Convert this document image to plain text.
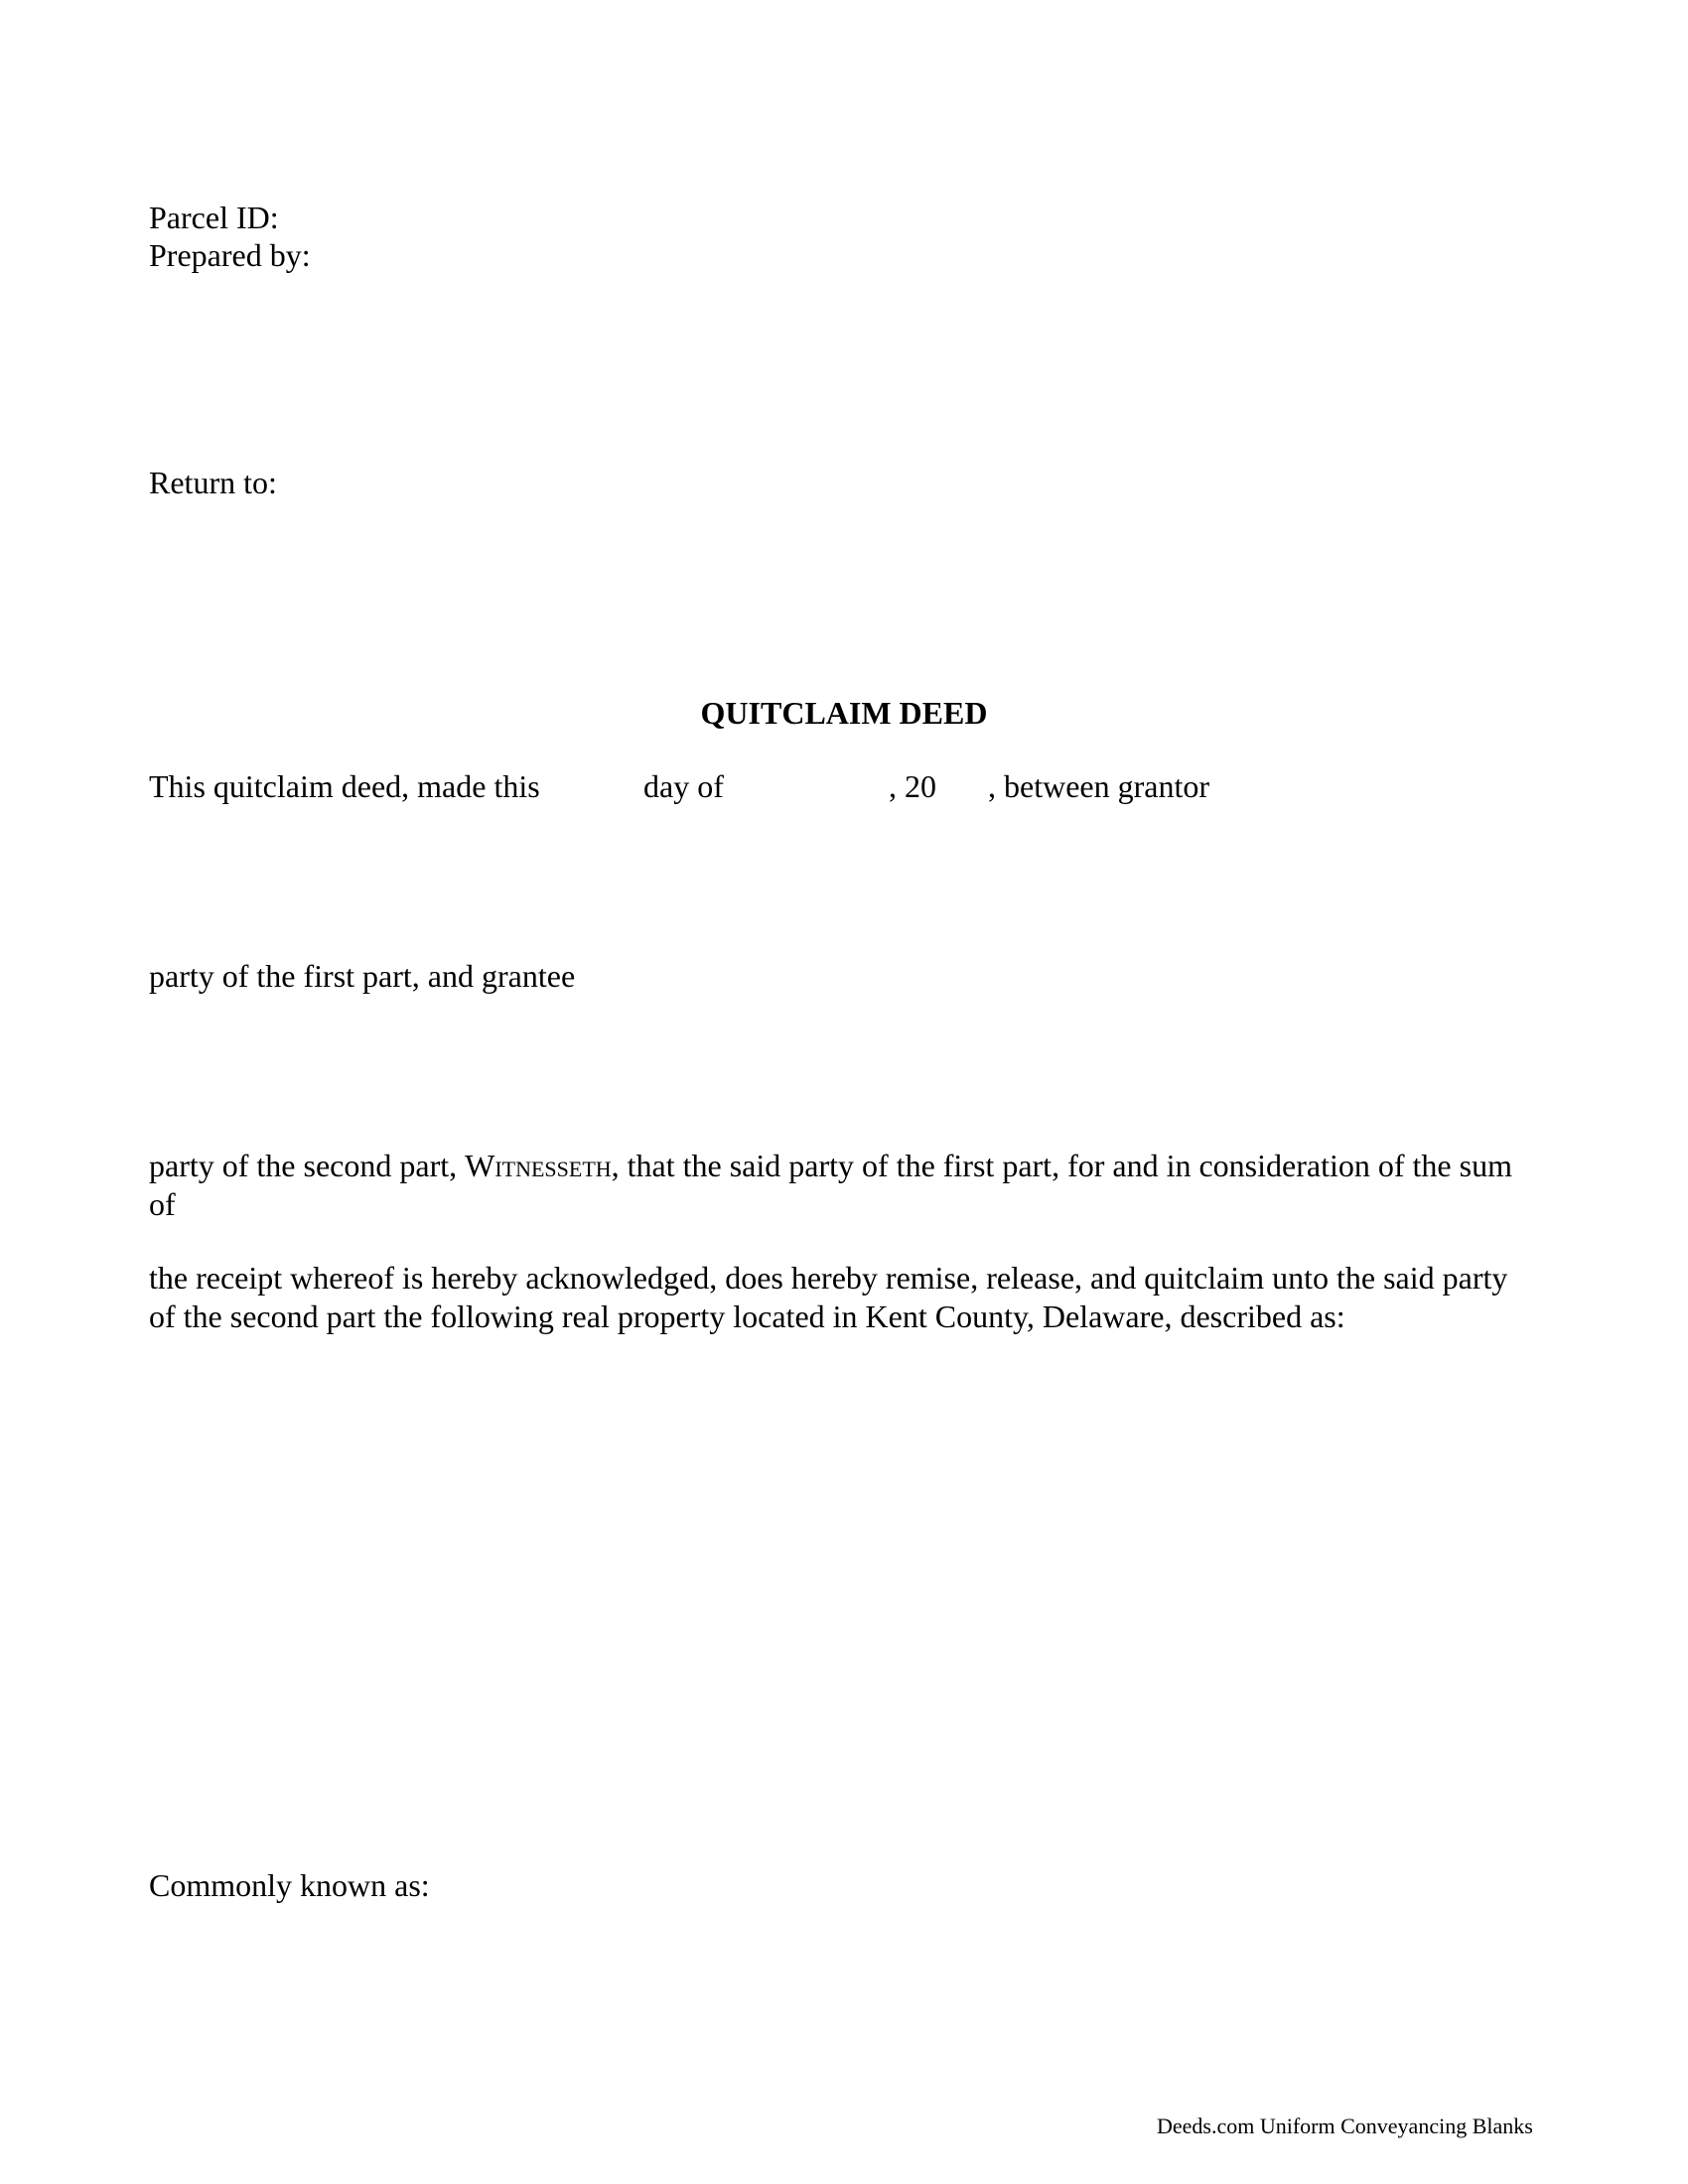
Parcel ID:
Prepared by:
Return to:
QUITCLAIM DEED
This quitclaim deed, made this	day of	, 20 , between grantor
party of the first part, and grantee
party of the second part, Witnesseth, that the said party of the first part, for and in consideration of the sum of
the receipt whereof is hereby acknowledged, does hereby remise, release, and quitclaim unto the said party of the second part the following real property located in Kent County, Delaware, described as:
Commonly known as:
Deeds.com Uniform Conveyancing Blanks
